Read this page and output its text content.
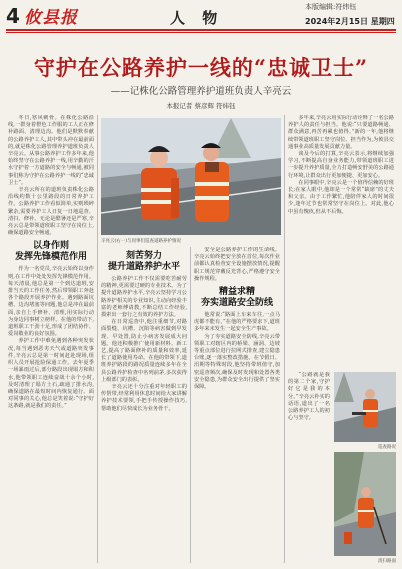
4 攸县报	人 物
本版编辑:符炜钰
2024年2月15日 星期四
守护在公路养护一线的“忠诚卫士”
——记株化公路管理养护道班负责人辛亮云
本报记者 蔡彦辉 符炜钰

冬日,寒风刺骨。在株化公路沿线,一群身着橙色工作服的工人正在修补路面、清理边沟。他们是默默奉献的公路养护工人,其中带头冲在最前面的,就是株化公路管理养护道班负责人辛亮云。从事公路养护工作多年来,他始终坚守在公路养护一线,用辛勤的汗水守护着一方道路的安全与畅通,被同事们称为守护在公路养护一线的“忠诚卫士”。

辛亮云所在的道班负责株化公路沿线约数十公里路段的日常养护工作。公路养护工作看似简单,实则琐碎繁杂,需要养护工人日复一日地巡查、清扫、修补。无论是酷暑还是严寒,辛亮云总是带领道班职工坚守在岗位上,确保道路安全畅通。

以身作则
发挥先锋模范作用

作为一名党员,辛亮云始终以身作则,在工作中处处发挥先锋模范作用。每天清晨,他总是第一个到达道班,安排当天的工作任务,然后带领职工奔赴各个路段开展养护作业。遇到路面坑槽、边沟堵塞等问题,他总是冲在最前面,亲自上手修补、清理,用实际行动为身边同事树立榜样。在他的带动下,道班职工干劲十足,形成了团结协作、爱岗敬业的良好氛围。

养护工作中难免遇到各种突发状况,每当遇到恶劣天气或道路突发事件,辛亮云总是第一时间赶赴现场,组织人员开展抢险保通工作。去年夏季一场暴雨过后,部分路段出现塌方和积水,他带领职工连续奋战十余个小时,及时清理了塌方土石,疏通了排水沟,确保道路在最短时间内恢复通行。面对同事的关心,他总是笑着说:“守护好这条路,就是我们的责任。”

辛亮云(右一)与同事们巡查道路养护情况
刻苦努力
提升道路养护水平

公路养护工作不仅需要吃苦耐劳的精神,更需要过硬的专业技术。为了提升道路养护水平,辛亮云坚持学习公路养护相关的专业知识,主动向经验丰富的老师傅请教,不断总结工作经验,摸索出一套行之有效的养护方法。

在日常巡查中,他注重细节,对路面裂缝、坑槽、沉陷等病害做到早发现、早处置,防止小病害发展成大问题。他还积极推广使用新材料、新工艺,提高了路面修补的质量和效率,延长了道路使用寿命。在他的带领下,道班养护路段的路况质量连续多年在全县公路养护检查中名列前茅,多次获得上级部门的表彰。

辛亮云还十分注重对年轻职工的传帮带,经常利用休息时间给大家讲解养护技术要领,手把手传授操作技巧,帮助他们尽快成长为业务骨干。

安全是公路养护工作的生命线。辛亮云始终把安全放在首位,每次作业前都认真检查安全设施摆放情况,提醒职工规范穿戴反光背心,严格遵守安全操作规程。

精益求精
夯实道路安全防线

他常说:“路面上车来车往,一点马虎都不能有。”在他的严格要求下,道班多年来未发生一起安全生产事故。

为了夯实道路安全防线,辛亮云带领职工对辖区内的桥梁、涵洞、边坡等重点部位进行拉网式排查,建立隐患台账,逐一落实整改措施。在节假日、汛期等特殊时段,他坚持带班值守,加密巡查频次,确保及时发现和处置各类安全隐患,为群众安全出行提供了坚实保障。

多年来,辛亮云用实际行动诠释了一名公路养护人的责任与担当。他说:“只要道路畅通、群众满意,再苦再累也值得。”新的一年,他将继续带领道班职工坚守岗位、担当作为,为攸县交通事业高质量发展贡献力量。

谈及今后的打算,辛亮云表示,将继续加强学习,不断提高自身业务能力,带领道班职工进一步提升养护质量,全力打造畅安舒美的公路通行环境,让群众出行更加便捷、更加安心。

在同事眼中,辛亮云是一个值得信赖的好班长;在家人眼中,他却是一个常常“缺席”的丈夫和父亲。由于工作繁忙,他陪伴家人的时间很少,逢年过节也常常坚守在岗位上。对此,他心中虽有愧疚,但从不后悔。

“公路就是我的第二个家,守护好它是我的本分。”辛亮云朴实的话语,道出了一名公路养护工人的初心与坚守。

巡查路况
清扫路面
